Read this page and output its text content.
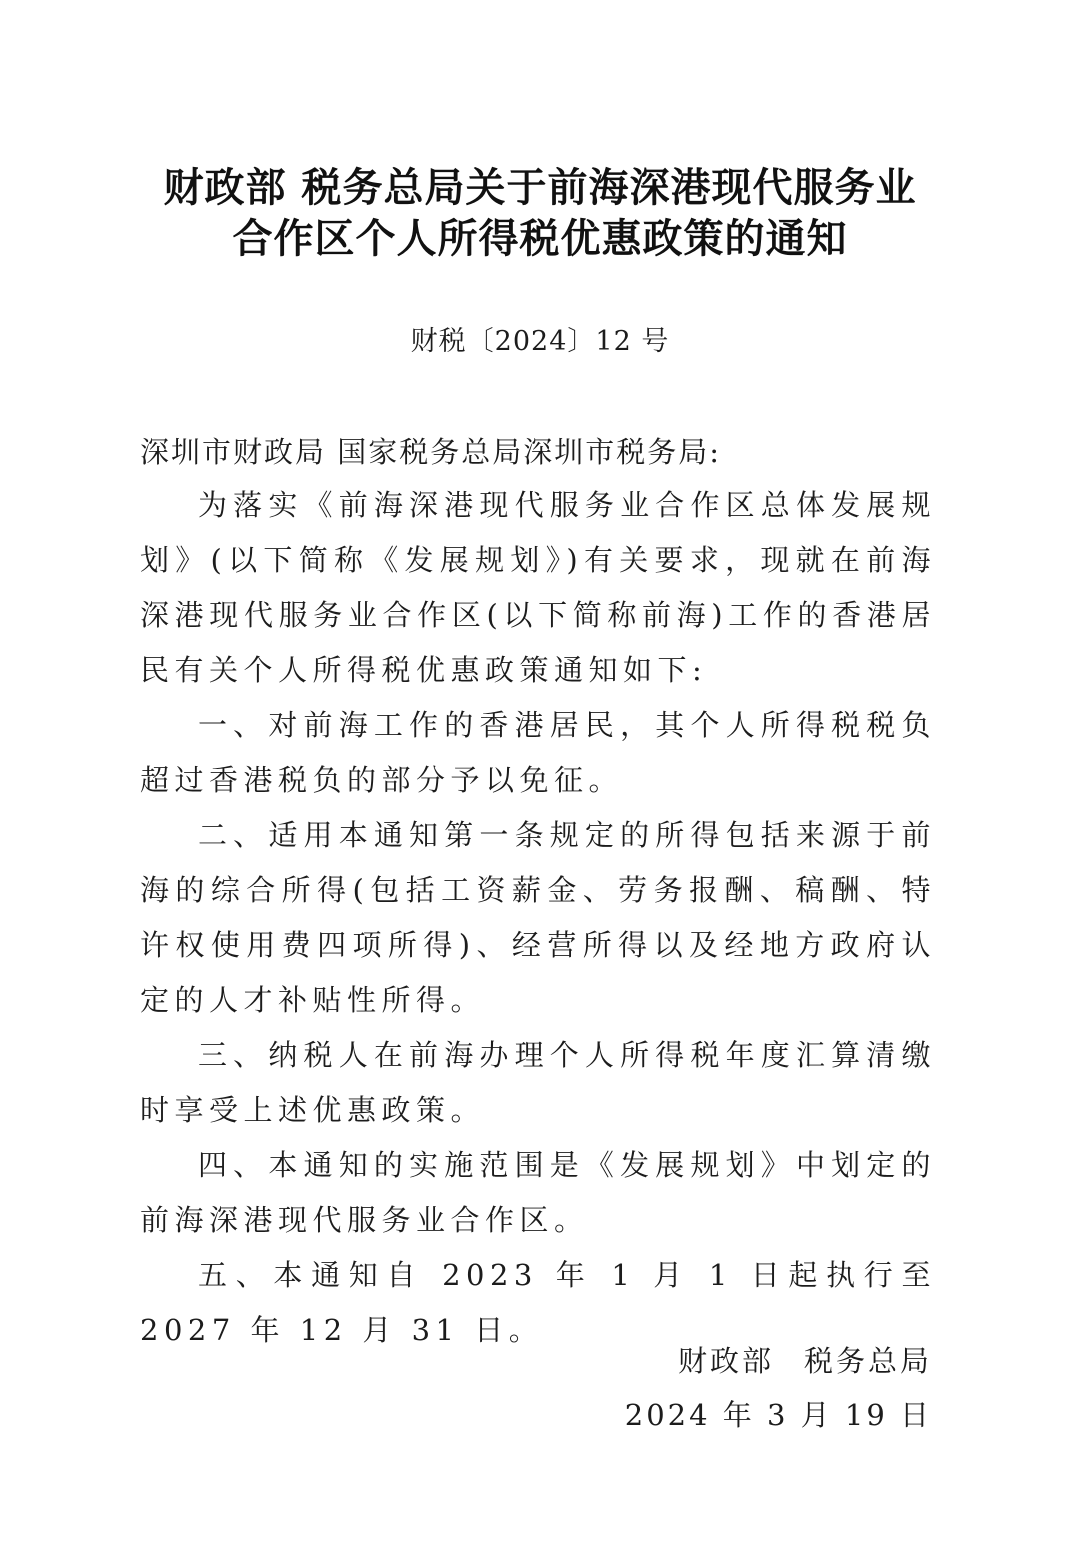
财政部 税务总局关于前海深港现代服务业
合作区个人所得税优惠政策的通知
财税〔2024〕12 号
深圳市财政局 国家税务总局深圳市税务局:

为落实《前海深港现代服务业合作区总体发展规划》(以下简称《发展规划》)有关要求，现就在前海深港现代服务业合作区(以下简称前海)工作的香港居民有关个人所得税优惠政策通知如下:

一、对前海工作的香港居民，其个人所得税税负超过香港税负的部分予以免征。

二、适用本通知第一条规定的所得包括来源于前海的综合所得(包括工资薪金、劳务报酬、稿酬、特许权使用费四项所得)、经营所得以及经地方政府认定的人才补贴性所得。

三、纳税人在前海办理个人所得税年度汇算清缴时享受上述优惠政策。

四、本通知的实施范围是《发展规划》中划定的前海深港现代服务业合作区。

五、本通知自 2023 年 1 月 1 日起执行至 2027 年 12 月 31 日。

财政部 税务总局
2024 年 3 月 19 日
